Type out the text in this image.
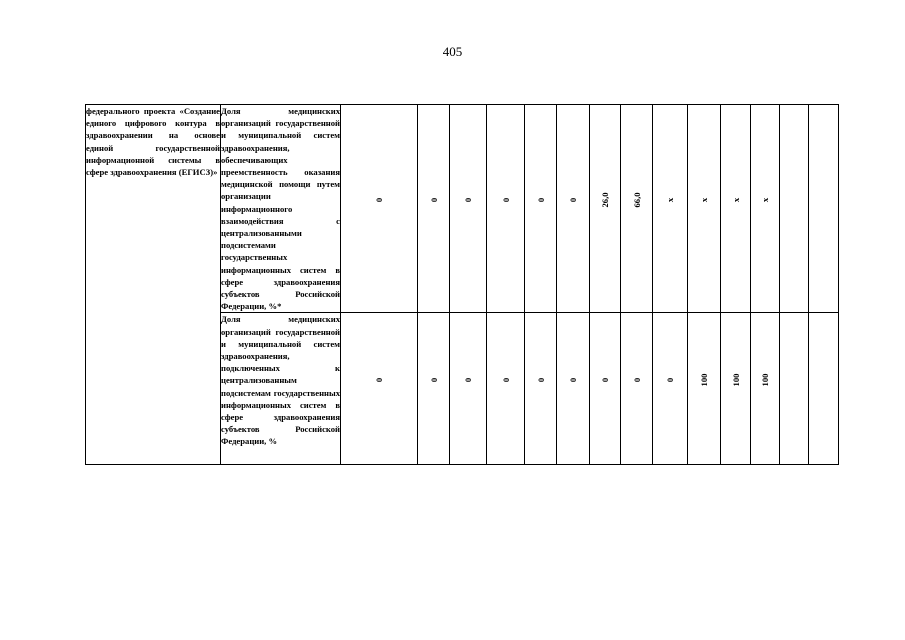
405
федерального проекта «Создание единого цифрового контура в здравоохранении на основе единой государственной информационной системы в сфере здравоохранения (ЕГИСЗ)»	Доля медицинских организаций государственной и муниципальной систем здравоохранения, обеспечивающих преемственность оказания медицинской помощи путем организации информационного взаимодействия с централизованными подсистемами государственных информационных систем в сфере здравоохранения субъектов Российской Федерации, %*	0	0	0	0	0	0	26,0	66,0	x	x	x	x		

	Доля медицинских организаций государственной и муниципальной систем здравоохранения, подключенных к централизованным подсистемам государственных информационных систем в сфере здравоохранения субъектов Российской Федерации, %	0	0	0	0	0	0	0	0	0	100	100	100		
